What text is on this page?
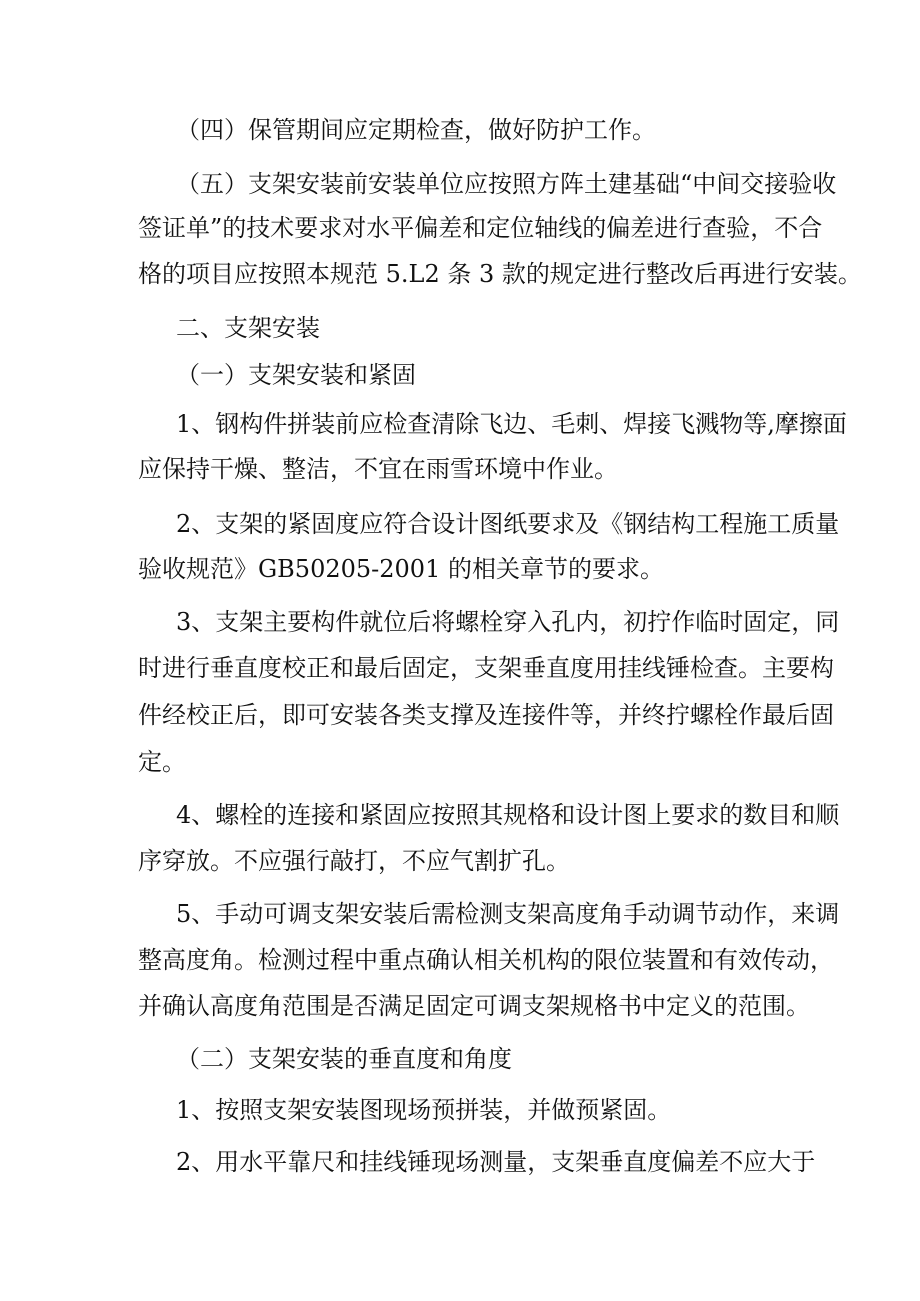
（四）保管期间应定期检查，做好防护工作。
（五）支架安装前安装单位应按照方阵土建基础“中间交接验收
签证单”的技术要求对水平偏差和定位轴线的偏差进行查验，不合
格的项目应按照本规范 5.L2 条 3 款的规定进行整改后再进行安装。
二、支架安装
（一）支架安装和紧固
1、钢构件拼装前应检查清除飞边、毛刺、焊接飞溅物等,摩擦面
应保持干燥、整洁，不宜在雨雪环境中作业。
2、支架的紧固度应符合设计图纸要求及《钢结构工程施工质量
验收规范》GB50205-2001 的相关章节的要求。
3、支架主要构件就位后将螺栓穿入孔内，初拧作临时固定，同
时进行垂直度校正和最后固定，支架垂直度用挂线锤检查。主要构
件经校正后，即可安装各类支撑及连接件等，并终拧螺栓作最后固
定。
4、螺栓的连接和紧固应按照其规格和设计图上要求的数目和顺
序穿放。不应强行敲打，不应气割扩孔。
5、手动可调支架安装后需检测支架高度角手动调节动作，来调
整高度角。检测过程中重点确认相关机构的限位装置和有效传动，
并确认高度角范围是否满足固定可调支架规格书中定义的范围。
（二）支架安装的垂直度和角度
1、按照支架安装图现场预拼装，并做预紧固。
2、用水平靠尺和挂线锤现场测量，支架垂直度偏差不应大于
